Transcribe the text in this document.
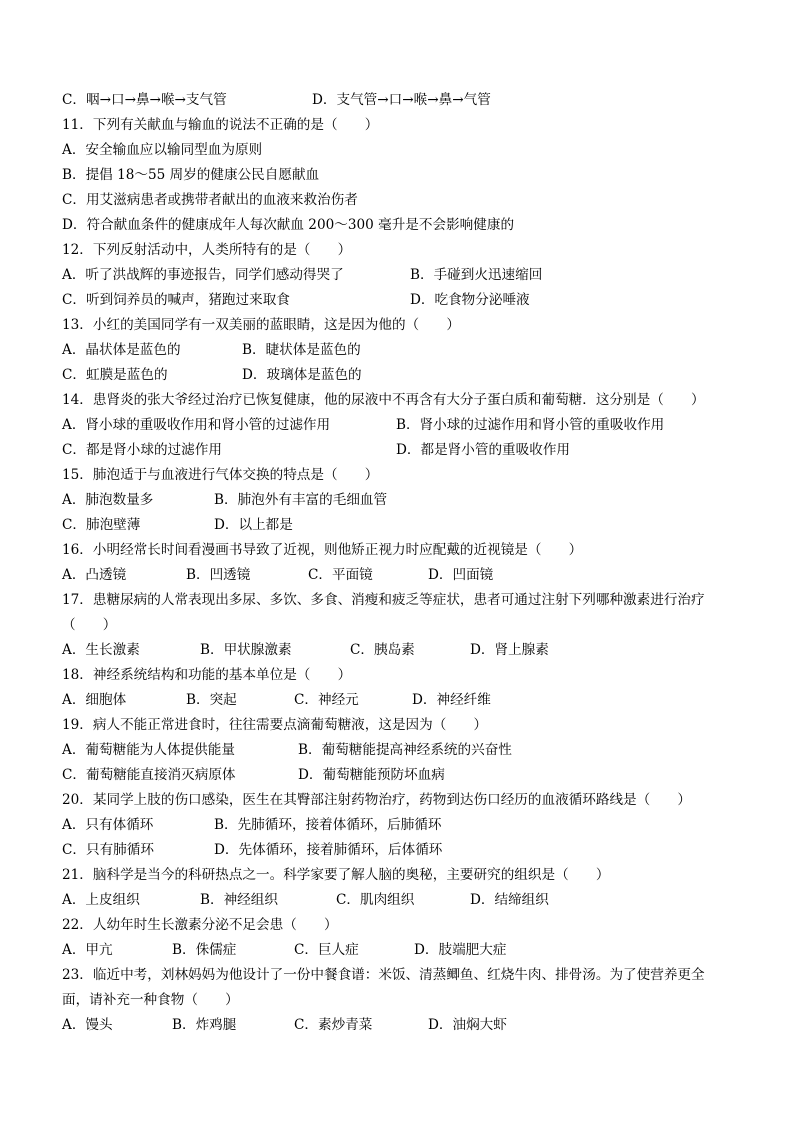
C．咽→口→鼻→喉→支气管	D．支气管→口→喉→鼻→气管
11．下列有关献血与输血的说法不正确的是（　　）
A．安全输血应以输同型血为原则
B．提倡 18～55 周岁的健康公民自愿献血
C．用艾滋病患者或携带者献出的血液来救治伤者
D．符合献血条件的健康成年人每次献血 200～300 毫升是不会影响健康的
12．下列反射活动中，人类所特有的是（　　）
A．听了洪战辉的事迹报告，同学们感动得哭了	B．手碰到火迅速缩回
C．听到饲养员的喊声，猪跑过来取食	D．吃食物分泌唾液
13．小红的美国同学有一双美丽的蓝眼睛，这是因为他的（　　）
A．晶状体是蓝色的	B．睫状体是蓝色的
C．虹膜是蓝色的	D．玻璃体是蓝色的
14．患肾炎的张大爷经过治疗已恢复健康，他的尿液中不再含有大分子蛋白质和葡萄糖．这分别是（　　）
A．肾小球的重吸收作用和肾小管的过滤作用	B．肾小球的过滤作用和肾小管的重吸收作用
C．都是肾小球的过滤作用	D．都是肾小管的重吸收作用
15．肺泡适于与血液进行气体交换的特点是（　　）
A．肺泡数量多	B．肺泡外有丰富的毛细血管
C．肺泡壁薄	D．以上都是
16．小明经常长时间看漫画书导致了近视，则他矫正视力时应配戴的近视镜是（　　）
A．凸透镜	B．凹透镜	C．平面镜	D．凹面镜
17．患糖尿病的人常表现出多尿、多饮、多食、消瘦和疲乏等症状，患者可通过注射下列哪种激素进行治疗
（　　）
A．生长激素	B．甲状腺激素	C．胰岛素	D．肾上腺素
18．神经系统结构和功能的基本单位是（　　）
A．细胞体	B．突起	C．神经元	D．神经纤维
19．病人不能正常进食时，往往需要点滴葡萄糖液，这是因为（　　）
A．葡萄糖能为人体提供能量	B．葡萄糖能提高神经系统的兴奋性
C．葡萄糖能直接消灭病原体	D．葡萄糖能预防坏血病
20．某同学上肢的伤口感染，医生在其臀部注射药物治疗，药物到达伤口经历的血液循环路线是（　　）
A．只有体循环	B．先肺循环，接着体循环，后肺循环
C．只有肺循环	D．先体循环，接着肺循环，后体循环
21．脑科学是当今的科研热点之一。科学家要了解人脑的奥秘，主要研究的组织是（　　）
A．上皮组织	B．神经组织	C．肌肉组织	D．结缔组织
22．人幼年时生长激素分泌不足会患（　　）
A．甲亢	B．侏儒症	C．巨人症	D．肢端肥大症
23．临近中考，刘林妈妈为他设计了一份中餐食谱：米饭、清蒸鲫鱼、红烧牛肉、排骨汤。为了使营养更全
面，请补充一种食物（　　）
A．馒头	B．炸鸡腿	C．素炒青菜	D．油焖大虾
